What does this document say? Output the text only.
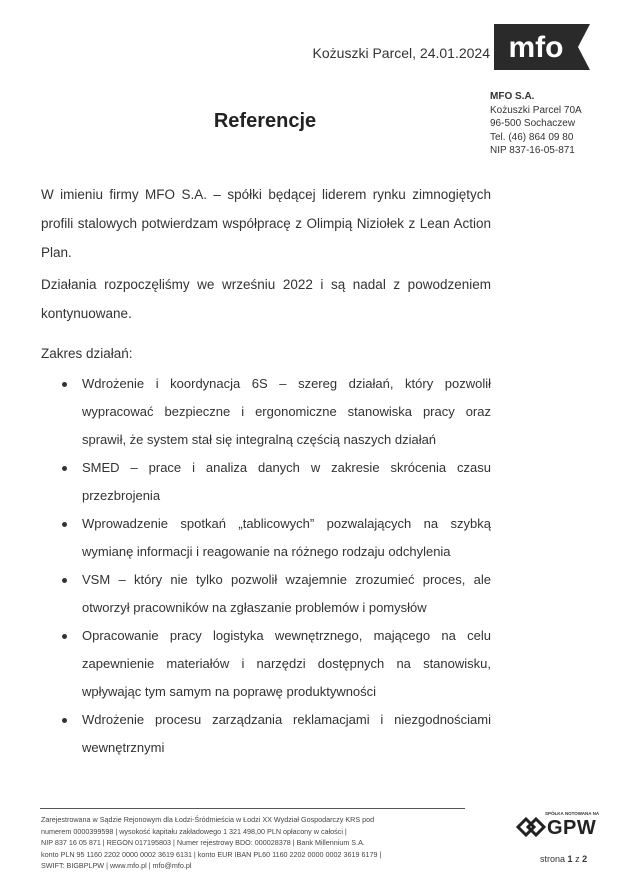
Kożuszki Parcel, 24.01.2024 mfo
MFO S.A.
Kożuszki Parcel 70A
96-500 Sochaczew
Tel. (46) 864 09 80
NIP 837-16-05-871
Referencje

W imieniu firmy MFO S.A. – spółki będącej liderem rynku zimnogiętych profili stalowych potwierdzam współpracę z Olimpią Niziołek z Lean Action Plan.

Działania rozpoczęliśmy we wrześniu 2022 i są nadal z powodzeniem kontynuowane.

Zakres działań:

Wdrożenie i koordynacja 6S – szereg działań, który pozwolił wypracować bezpieczne i ergonomiczne stanowiska pracy oraz sprawił, że system stał się integralną częścią naszych działań
SMED – prace i analiza danych w zakresie skrócenia czasu przezbrojenia
Wprowadzenie spotkań „tablicowych” pozwalających na szybką wymianę informacji i reagowanie na różnego rodzaju odchylenia
VSM – który nie tylko pozwolił wzajemnie zrozumieć proces, ale otworzył pracowników na zgłaszanie problemów i pomysłów
Opracowanie pracy logistyka wewnętrznego, mającego na celu zapewnienie materiałów i narzędzi dostępnych na stanowisku, wpływając tym samym na poprawę produktywności
Wdrożenie procesu zarządzania reklamacjami i niezgodnościami wewnętrznymi
Zarejestrowana w Sądzie Rejonowym dla Łodzi-Śródmieścia w Łodzi XX Wydział Gospodarczy KRS pod
numerem 0000399598 | wysokość kapitału zakładowego 1 321 498,00 PLN opłacony w całości |
NIP 837 16 05 871 | REGON 017195803 | Numer rejestrowy BDO: 000028378 | Bank Millennium S.A.
konto PLN 95 1160 2202 0000 0002 3619 6131 | konto EUR IBAN PL60 1160 2202 0000 0002 3619 6179 |
SWIFT: BIGBPLPW | www.mfo.pl | mfo@mfo.pl
SPÓŁKA NOTOWANA NA
GPW
strona 1 z 2
